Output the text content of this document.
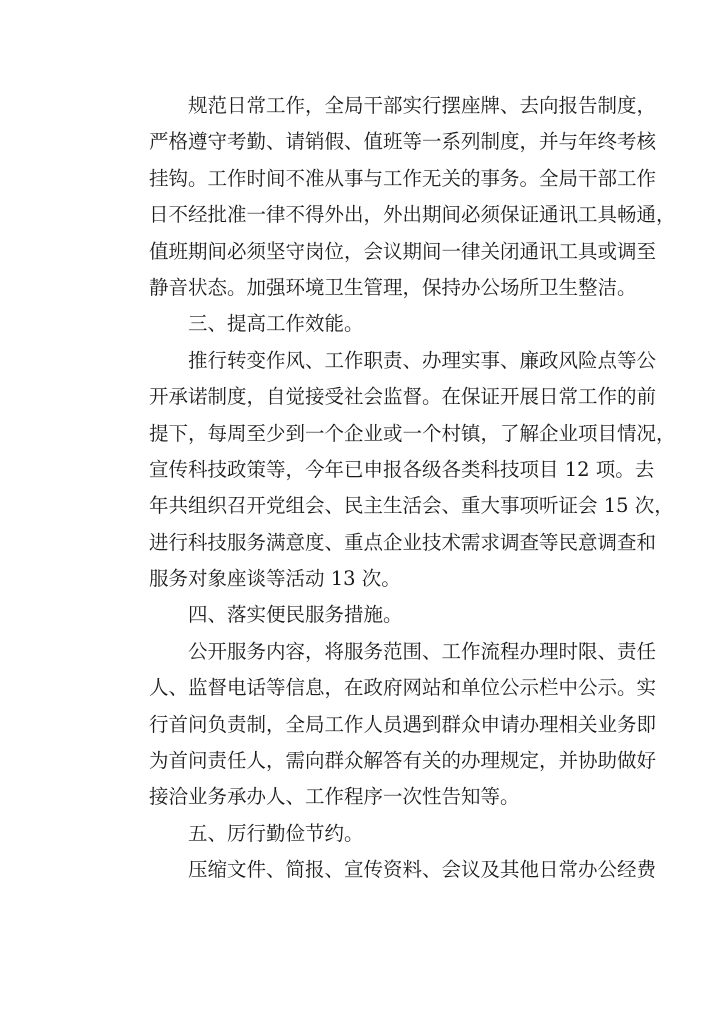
规范日常工作，全局干部实行摆座牌、去向报告制度，
严格遵守考勤、请销假、值班等一系列制度，并与年终考核
挂钩。工作时间不准从事与工作无关的事务。全局干部工作
日不经批准一律不得外出，外出期间必须保证通讯工具畅通，
值班期间必须坚守岗位，会议期间一律关闭通讯工具或调至
静音状态。加强环境卫生管理，保持办公场所卫生整洁。
三、提高工作效能。
推行转变作风、工作职责、办理实事、廉政风险点等公
开承诺制度，自觉接受社会监督。在保证开展日常工作的前
提下，每周至少到一个企业或一个村镇，了解企业项目情况，
宣传科技政策等，今年已申报各级各类科技项目 12 项。去
年共组织召开党组会、民主生活会、重大事项听证会 15 次，
进行科技服务满意度、重点企业技术需求调查等民意调查和
服务对象座谈等活动 13 次。
四、落实便民服务措施。
公开服务内容，将服务范围、工作流程办理时限、责任
人、监督电话等信息，在政府网站和单位公示栏中公示。实
行首问负责制，全局工作人员遇到群众申请办理相关业务即
为首问责任人，需向群众解答有关的办理规定，并协助做好
接洽业务承办人、工作程序一次性告知等。
五、厉行勤俭节约。
压缩文件、简报、宣传资料、会议及其他日常办公经费
